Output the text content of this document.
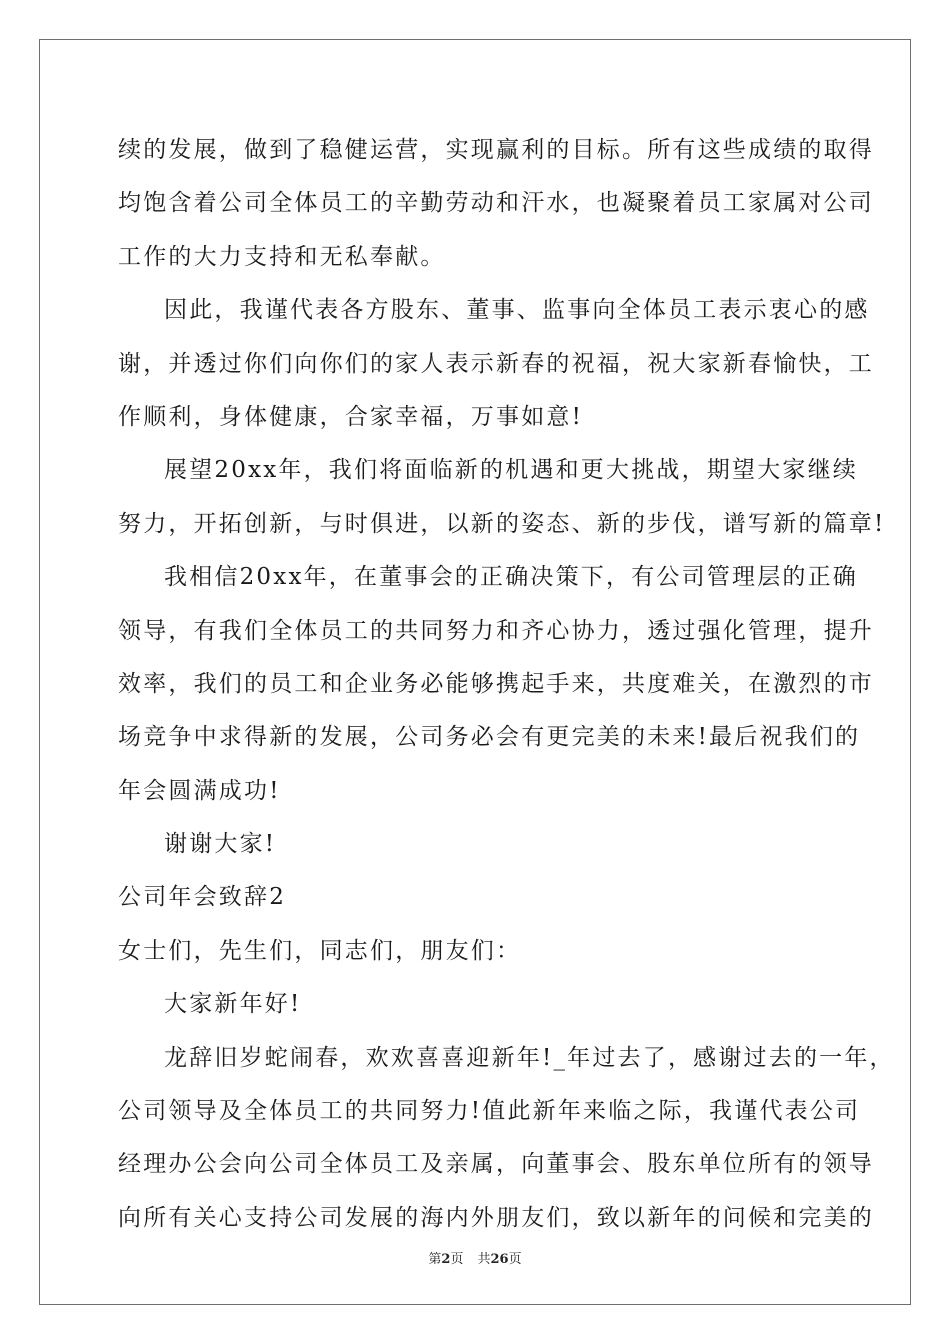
续的发展，做到了稳健运营，实现赢利的目标。所有这些成绩的取得
均饱含着公司全体员工的辛勤劳动和汗水，也凝聚着员工家属对公司
工作的大力支持和无私奉献。
因此，我谨代表各方股东、董事、监事向全体员工表示衷心的感
谢，并透过你们向你们的家人表示新春的祝福，祝大家新春愉快，工
作顺利，身体健康，合家幸福，万事如意!
展望20xx年，我们将面临新的机遇和更大挑战，期望大家继续
努力，开拓创新，与时俱进，以新的姿态、新的步伐，谱写新的篇章!
我相信20xx年，在董事会的正确决策下，有公司管理层的正确
领导，有我们全体员工的共同努力和齐心协力，透过强化管理，提升
效率，我们的员工和企业务必能够携起手来，共度难关，在激烈的市
场竞争中求得新的发展，公司务必会有更完美的未来!最后祝我们的
年会圆满成功!
谢谢大家!
公司年会致辞2
女士们，先生们，同志们，朋友们：
大家新年好!
龙辞旧岁蛇闹春，欢欢喜喜迎新年!_年过去了，感谢过去的一年，
公司领导及全体员工的共同努力!值此新年来临之际，我谨代表公司
经理办公会向公司全体员工及亲属，向董事会、股东单位所有的领导
向所有关心支持公司发展的海内外朋友们，致以新年的问候和完美的
第2页 共26页
